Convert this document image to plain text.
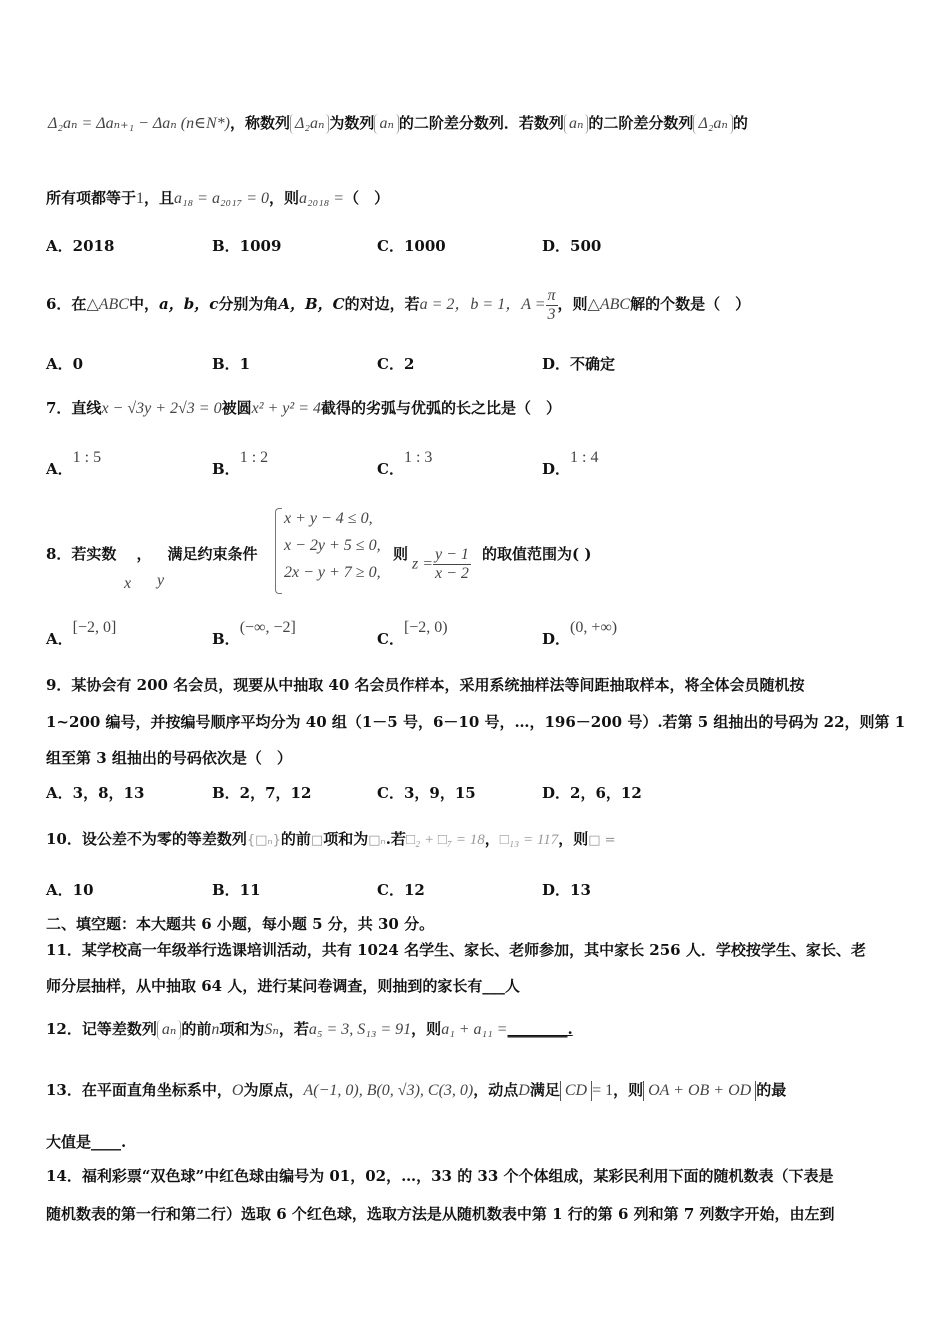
Δ₂aₙ = Δaₙ₊₁ − Δaₙ (n∈N*)，称数列 Δ₂aₙ 为数列 aₙ 的二阶差分数列．若数列 aₙ 的二阶差分数列 Δ₂aₙ 的
所有项都等于1，且a₁₈ = a₂₀₁₇ = 0，则a₂₀₁₈ =（　）
A．2018	B．1009	C．1000	D．500
6．在△ABC中，a，b，c分别为角A，B，C的对边，若a = 2，b = 1，$A = \frac{\pi}{3}$ ，则△ABC解的个数是（　）
A．0	B．1	C．2	D．不确定
7．直线x − √3y + 2√3 = 0被圆x² + y² = 4截得的劣弧与优弧的长之比是（　）
A．1 : 5
B．1 : 2
C．1 : 3
D．1 : 4
8．若实数 ， 满足约束条件
x y
x + y − 4 ≤ 0,
x − 2y + 5 ≤ 0,
2x − y + 7 ≥ 0,
则
$z = \frac{y - 1}{x - 2}$ 的取值范围为( )
A．[−2, 0]
B．(−∞, −2]
C．[−2, 0)
D．(0, +∞)
9．某协会有 200 名会员，现要从中抽取 40 名会员作样本，采用系统抽样法等间距抽取样本，将全体会员随机按
1~200 编号，并按编号顺序平均分为 40 组（1－5 号，6－10 号，…，196－200 号）.若第 5 组抽出的号码为 22，则第 1
组至第 3 组抽出的号码依次是（　）
A．3，8，13	B．2，7，12	C．3，9，15	D．2，6，12
10．设公差不为零的等差数列{□ₙ}的前□项和为□ₙ.若□₂ + □₇ = 18，□₁₃ = 117，则□ =
A．10	B．11	C．12	D．13
二、填空题：本大题共 6 小题，每小题 5 分，共 30 分。
11．某学校高一年级举行选课培训活动，共有 1024 名学生、家长、老师参加，其中家长 256 人．学校按学生、家长、老
师分层抽样，从中抽取 64 人，进行某问卷调查，则抽到的家长有___人
12．记等差数列 aₙ 的前n项和为Sₙ，若a₅ = 3, S₁₃ = 91，则a₁ + a₁₁ =________.
13．在平面直角坐标系中，O为原点，A(−1, 0), B(0, √3), C(3, 0)，动点D满足 CD = 1，则 OA + OB + OD 的最
大值是____.
14．福利彩票“双色球”中红色球由编号为 01，02，…，33 的 33 个个体组成，某彩民利用下面的随机数表（下表是
随机数表的第一行和第二行）选取 6 个红色球，选取方法是从随机数表中第 1 行的第 6 列和第 7 列数字开始，由左到
